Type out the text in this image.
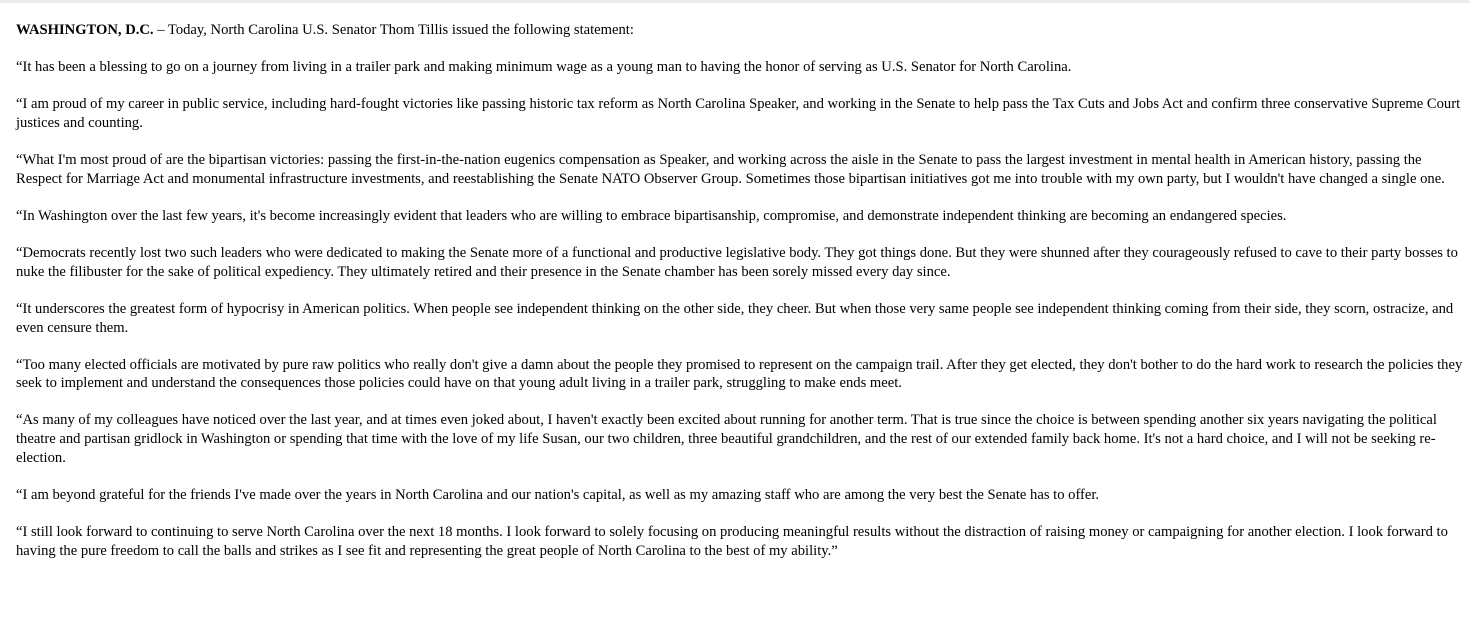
WASHINGTON, D.C. – Today, North Carolina U.S. Senator Thom Tillis issued the following statement:

“It has been a blessing to go on a journey from living in a trailer park and making minimum wage as a young man to having the honor of serving as U.S. Senator for North Carolina.

“I am proud of my career in public service, including hard-fought victories like passing historic tax reform as North Carolina Speaker, and working in the Senate to help pass the Tax Cuts and Jobs Act and confirm three conservative Supreme Court justices and counting.

“What I'm most proud of are the bipartisan victories: passing the first-in-the-nation eugenics compensation as Speaker, and working across the aisle in the Senate to pass the largest investment in mental health in American history, passing the Respect for Marriage Act and monumental infrastructure investments, and reestablishing the Senate NATO Observer Group. Sometimes those bipartisan initiatives got me into trouble with my own party, but I wouldn't have changed a single one.

“In Washington over the last few years, it's become increasingly evident that leaders who are willing to embrace bipartisanship, compromise, and demonstrate independent thinking are becoming an endangered species.

“Democrats recently lost two such leaders who were dedicated to making the Senate more of a functional and productive legislative body. They got things done. But they were shunned after they courageously refused to cave to their party bosses to nuke the filibuster for the sake of political expediency. They ultimately retired and their presence in the Senate chamber has been sorely missed every day since.

“It underscores the greatest form of hypocrisy in American politics. When people see independent thinking on the other side, they cheer. But when those very same people see independent thinking coming from their side, they scorn, ostracize, and even censure them.

“Too many elected officials are motivated by pure raw politics who really don't give a damn about the people they promised to represent on the campaign trail. After they get elected, they don't bother to do the hard work to research the policies they seek to implement and understand the consequences those policies could have on that young adult living in a trailer park, struggling to make ends meet.

“As many of my colleagues have noticed over the last year, and at times even joked about, I haven't exactly been excited about running for another term. That is true since the choice is between spending another six years navigating the political theatre and partisan gridlock in Washington or spending that time with the love of my life Susan, our two children, three beautiful grandchildren, and the rest of our extended family back home. It's not a hard choice, and I will not be seeking re-election.

“I am beyond grateful for the friends I've made over the years in North Carolina and our nation's capital, as well as my amazing staff who are among the very best the Senate has to offer.

“I still look forward to continuing to serve North Carolina over the next 18 months. I look forward to solely focusing on producing meaningful results without the distraction of raising money or campaigning for another election. I look forward to having the pure freedom to call the balls and strikes as I see fit and representing the great people of North Carolina to the best of my ability.”
